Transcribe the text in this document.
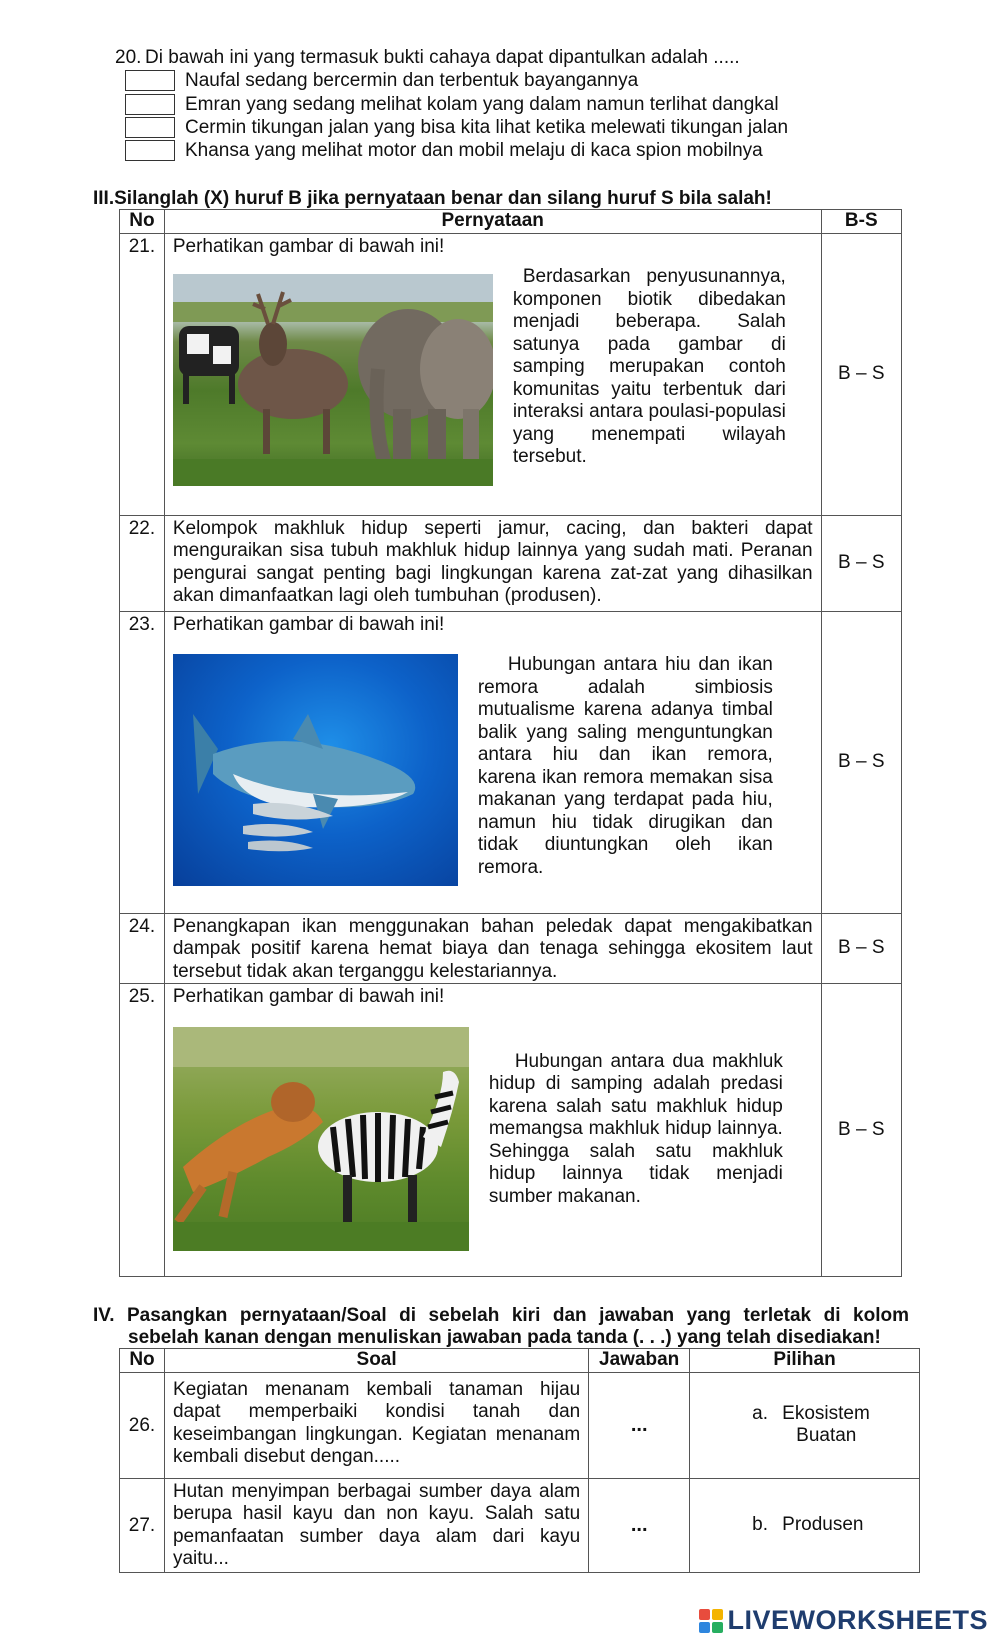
20. Di bawah ini yang termasuk bukti cahaya dapat dipantulkan adalah .....
Naufal sedang bercermin dan terbentuk bayangannya
Emran yang sedang melihat kolam yang dalam namun terlihat dangkal
Cermin tikungan jalan yang bisa kita lihat ketika melewati tikungan jalan
Khansa yang melihat motor dan mobil melaju di kaca spion mobilnya
III.Silanglah (X) huruf B jika pernyataan benar dan silang huruf S bila salah!
No	Pernyataan	B-S
21.	Perhatikan gambar di bawah ini!
Berdasarkan penyusunannya, komponen biotik dibedakan menjadi beberapa. Salah satunya pada gambar di samping merupakan contoh komunitas yaitu terbentuk dari interaksi antara poulasi-populasi yang menempati wilayah tersebut.	B – S
22.	Kelompok makhluk hidup seperti jamur, cacing, dan bakteri dapat menguraikan sisa tubuh makhluk hidup lainnya yang sudah mati. Peranan pengurai sangat penting bagi lingkungan karena zat-zat yang dihasilkan akan dimanfaatkan lagi oleh tumbuhan (produsen).	B – S
23.	Perhatikan gambar di bawah ini!
Hubungan antara hiu dan ikan remora adalah simbiosis mutualisme karena adanya timbal balik yang saling menguntungkan antara hiu dan ikan remora, karena ikan remora memakan sisa makanan yang terdapat pada hiu, namun hiu tidak dirugikan dan tidak diuntungkan oleh ikan remora.	B – S
24.	Penangkapan ikan menggunakan bahan peledak dapat mengakibatkan dampak positif karena hemat biaya dan tenaga sehingga ekositem laut tersebut tidak akan terganggu kelestariannya.	B – S
25.	Perhatikan gambar di bawah ini!
Hubungan antara dua makhluk hidup di samping adalah predasi karena salah satu makhluk hidup memangsa makhluk hidup lainnya. Sehingga salah satu makhluk hidup lainnya tidak menjadi sumber makanan.	B – S
IV. Pasangkan pernyataan/Soal di sebelah kiri dan jawaban yang terletak di kolom
sebelah kanan dengan menuliskan jawaban pada tanda (. . .) yang telah disediakan!
No	Soal	Jawaban	Pilihan
26.	Kegiatan menanam kembali tanaman hijau dapat memperbaiki kondisi tanah dan keseimbangan lingkungan. Kegiatan menanam kembali disebut dengan.....	...	a. Ekosistem
Buatan

27.	Hutan menyimpan berbagai sumber daya alam berupa hasil kayu dan non kayu. Salah satu pemanfaatan sumber daya alam dari kayu yaitu...	...	b. Produsen
LIVEWORKSHEETS
